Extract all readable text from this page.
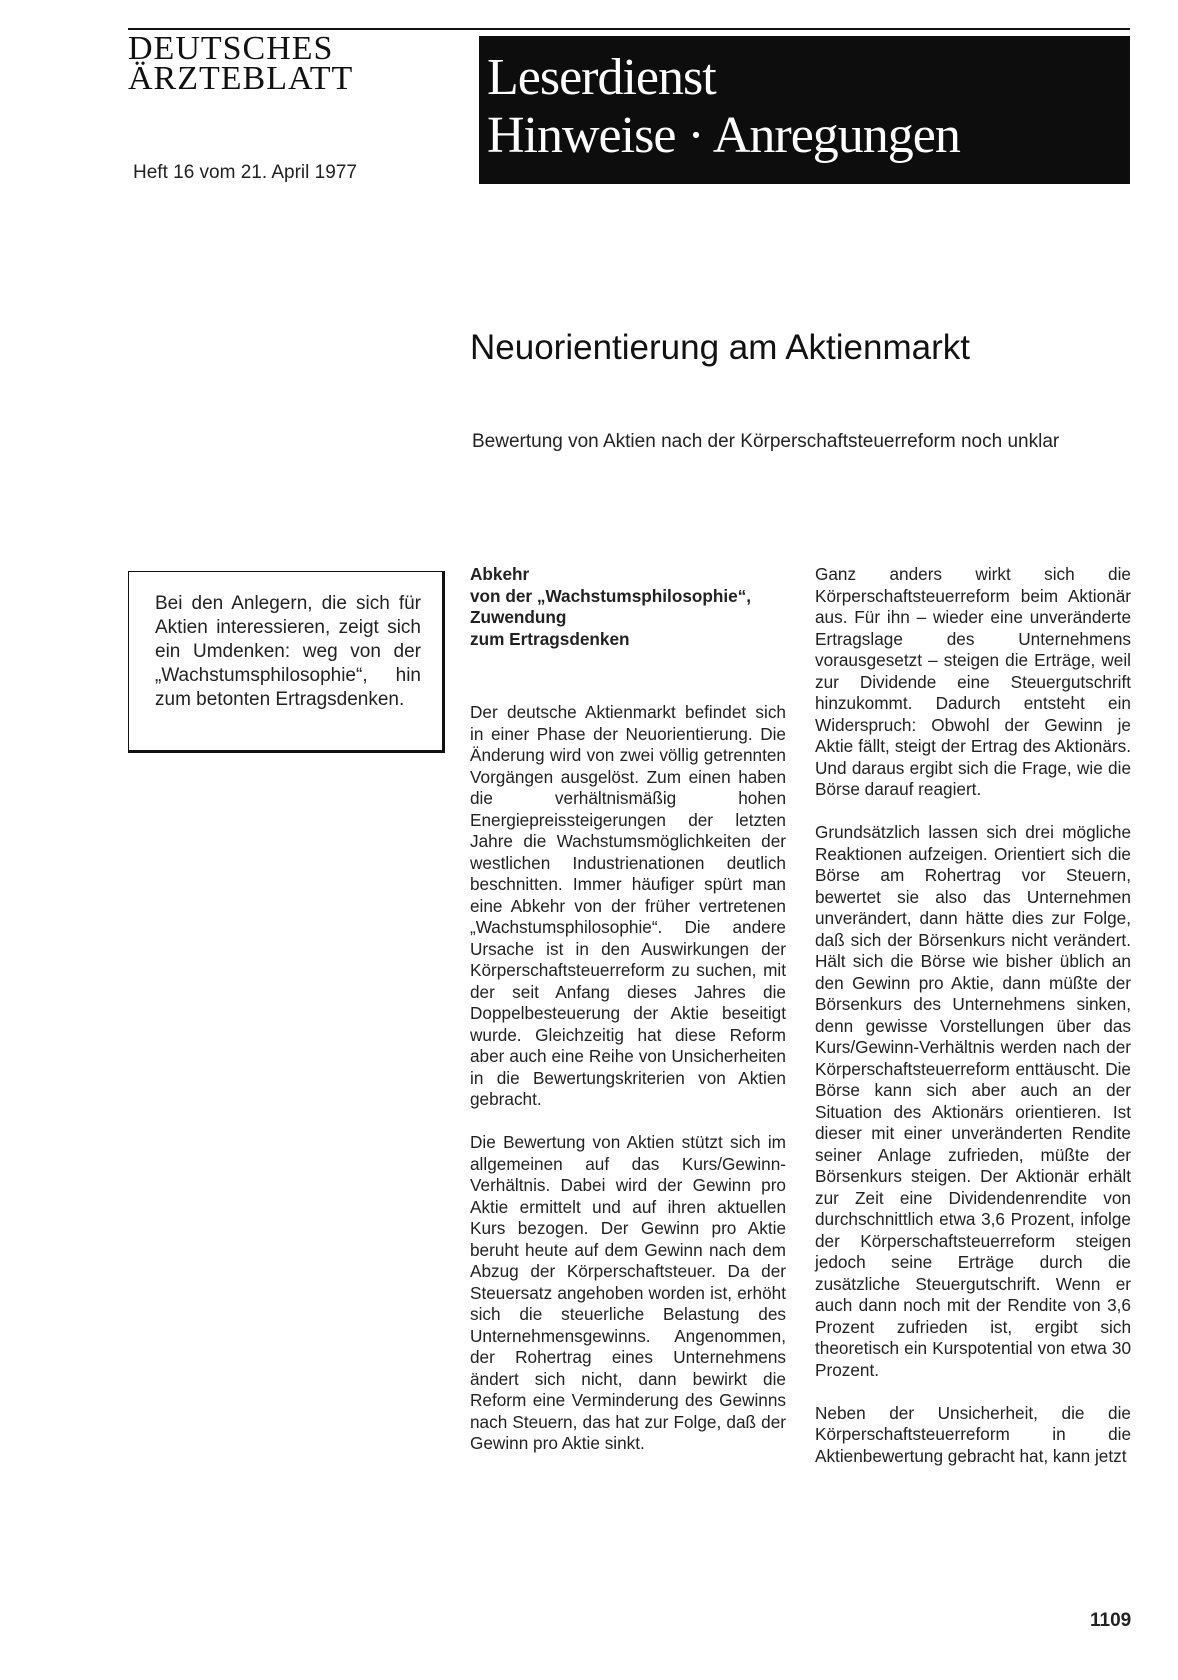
DEUTSCHES
ÄRZTEBLATT
Heft 16 vom 21. April 1977
Leserdienst
Hinweise · Anregungen
Neuorientierung am Aktienmarkt
Bewertung von Aktien nach der Körperschaftsteuerreform noch unklar

Bei den Anlegern, die sich für Aktien interessieren, zeigt sich ein Umdenken: weg von der „Wachstumsphilosophie“, hin zum betonten Ertragsdenken.

Abkehr
von der „Wachstumsphilosophie“,
Zuwendung
zum Ertragsdenken

Der deutsche Aktienmarkt befindet sich in einer Phase der Neuorientierung. Die Änderung wird von zwei völlig getrennten Vorgängen ausgelöst. Zum einen haben die verhältnismäßig hohen Energiepreissteigerungen der letzten Jahre die Wachstumsmöglichkeiten der westlichen Industrienationen deutlich beschnitten. Immer häufiger spürt man eine Abkehr von der früher vertretenen „Wachstumsphilosophie“. Die andere Ursache ist in den Auswirkungen der Körperschaftsteuerreform zu suchen, mit der seit Anfang dieses Jahres die Doppelbesteuerung der Aktie beseitigt wurde. Gleichzeitig hat diese Reform aber auch eine Reihe von Unsicherheiten in die Bewertungskriterien von Aktien gebracht.

Die Bewertung von Aktien stützt sich im allgemeinen auf das Kurs/Gewinn-Verhältnis. Dabei wird der Gewinn pro Aktie ermittelt und auf ihren aktuellen Kurs bezogen. Der Gewinn pro Aktie beruht heute auf dem Gewinn nach dem Abzug der Körperschaftsteuer. Da der Steuersatz angehoben worden ist, erhöht sich die steuerliche Belastung des Unternehmensgewinns. Angenommen, der Rohertrag eines Unternehmens ändert sich nicht, dann bewirkt die Reform eine Verminderung des Gewinns nach Steuern, das hat zur Folge, daß der Gewinn pro Aktie sinkt.

Ganz anders wirkt sich die Körperschaftsteuerreform beim Aktionär aus. Für ihn – wieder eine unveränderte Ertragslage des Unternehmens vorausgesetzt – steigen die Erträge, weil zur Dividende eine Steuergutschrift hinzukommt. Dadurch entsteht ein Widerspruch: Obwohl der Gewinn je Aktie fällt, steigt der Ertrag des Aktionärs. Und daraus ergibt sich die Frage, wie die Börse darauf reagiert.

Grundsätzlich lassen sich drei mögliche Reaktionen aufzeigen. Orientiert sich die Börse am Rohertrag vor Steuern, bewertet sie also das Unternehmen unverändert, dann hätte dies zur Folge, daß sich der Börsenkurs nicht verändert. Hält sich die Börse wie bisher üblich an den Gewinn pro Aktie, dann müßte der Börsenkurs des Unternehmens sinken, denn gewisse Vorstellungen über das Kurs/Gewinn-Verhältnis werden nach der Körperschaftsteuerreform enttäuscht. Die Börse kann sich aber auch an der Situation des Aktionärs orientieren. Ist dieser mit einer unveränderten Rendite seiner Anlage zufrieden, müßte der Börsenkurs steigen. Der Aktionär erhält zur Zeit eine Dividendenrendite von durchschnittlich etwa 3,6 Prozent, infolge der Körperschaftsteuerreform steigen jedoch seine Erträge durch die zusätzliche Steuergutschrift. Wenn er auch dann noch mit der Rendite von 3,6 Prozent zufrieden ist, ergibt sich theoretisch ein Kurspotential von etwa 30 Prozent.

Neben der Unsicherheit, die die Körperschaftsteuerreform in die Aktienbewertung gebracht hat, kann jetzt

1109
